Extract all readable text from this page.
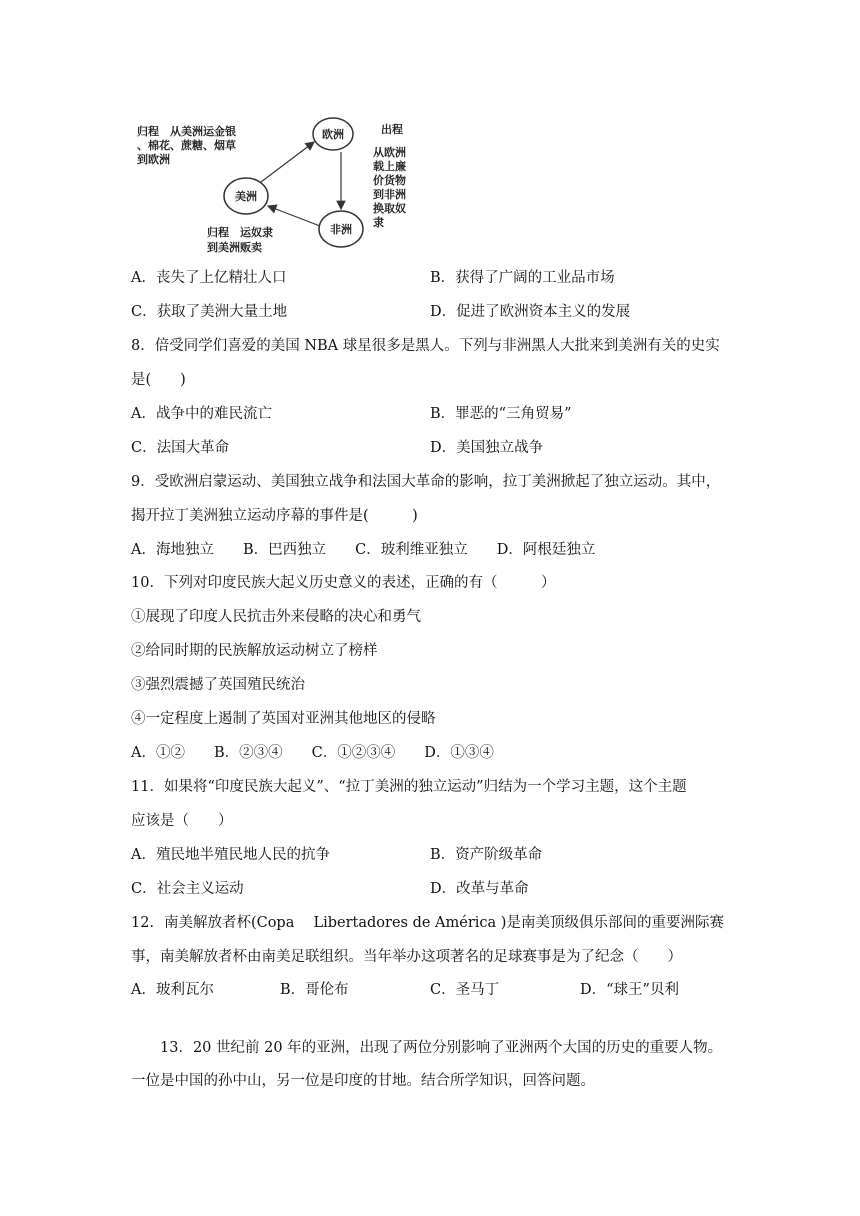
欧洲
美洲
非洲
归程　从美洲运金银
、棉花、蔗糖、烟草
到欧洲
出程
从欧洲
载上廉
价货物
到非洲
换取奴
隶
归程　运奴隶
到美洲贩卖
A．丧失了上亿精壮人口	B．获得了广阔的工业品市场
C．获取了美洲大量土地	D．促进了欧洲资本主义的发展
8．倍受同学们喜爱的美国 NBA 球星很多是黑人。下列与非洲黑人大批来到美洲有关的史实
是(　　)
A．战争中的难民流亡	B．罪恶的“三角贸易”
C．法国大革命	D．美国独立战争
9．受欧洲启蒙运动、美国独立战争和法国大革命的影响，拉丁美洲掀起了独立运动。其中，
揭开拉丁美洲独立运动序幕的事件是(　　　)
A．海地独立　　B．巴西独立　　C．玻利维亚独立　　D．阿根廷独立
10．下列对印度民族大起义历史意义的表述，正确的有（　　　）
①展现了印度人民抗击外来侵略的决心和勇气
②给同时期的民族解放运动树立了榜样
③强烈震撼了英国殖民统治
④一定程度上遏制了英国对亚洲其他地区的侵略
A．①②　　B．②③④　　C．①②③④　　D．①③④
11．如果将“印度民族大起义”、“拉丁美洲的独立运动”归结为一个学习主题，这个主题
应该是（　　）
A．殖民地半殖民地人民的抗争	B．资产阶级革命
C．社会主义运动	D．改革与革命
12．南美解放者杯(Copa　 Libertadores de América )是南美顶级俱乐部间的重要洲际赛
事，南美解放者杯由南美足联组织。当年举办这项著名的足球赛事是为了纪念（　　）
A．玻利瓦尔	B．哥伦布	C．圣马丁	D．“球王”贝利
13．20 世纪前 20 年的亚洲，出现了两位分别影响了亚洲两个大国的历史的重要人物。
一位是中国的孙中山，另一位是印度的甘地。结合所学知识，回答问题。
